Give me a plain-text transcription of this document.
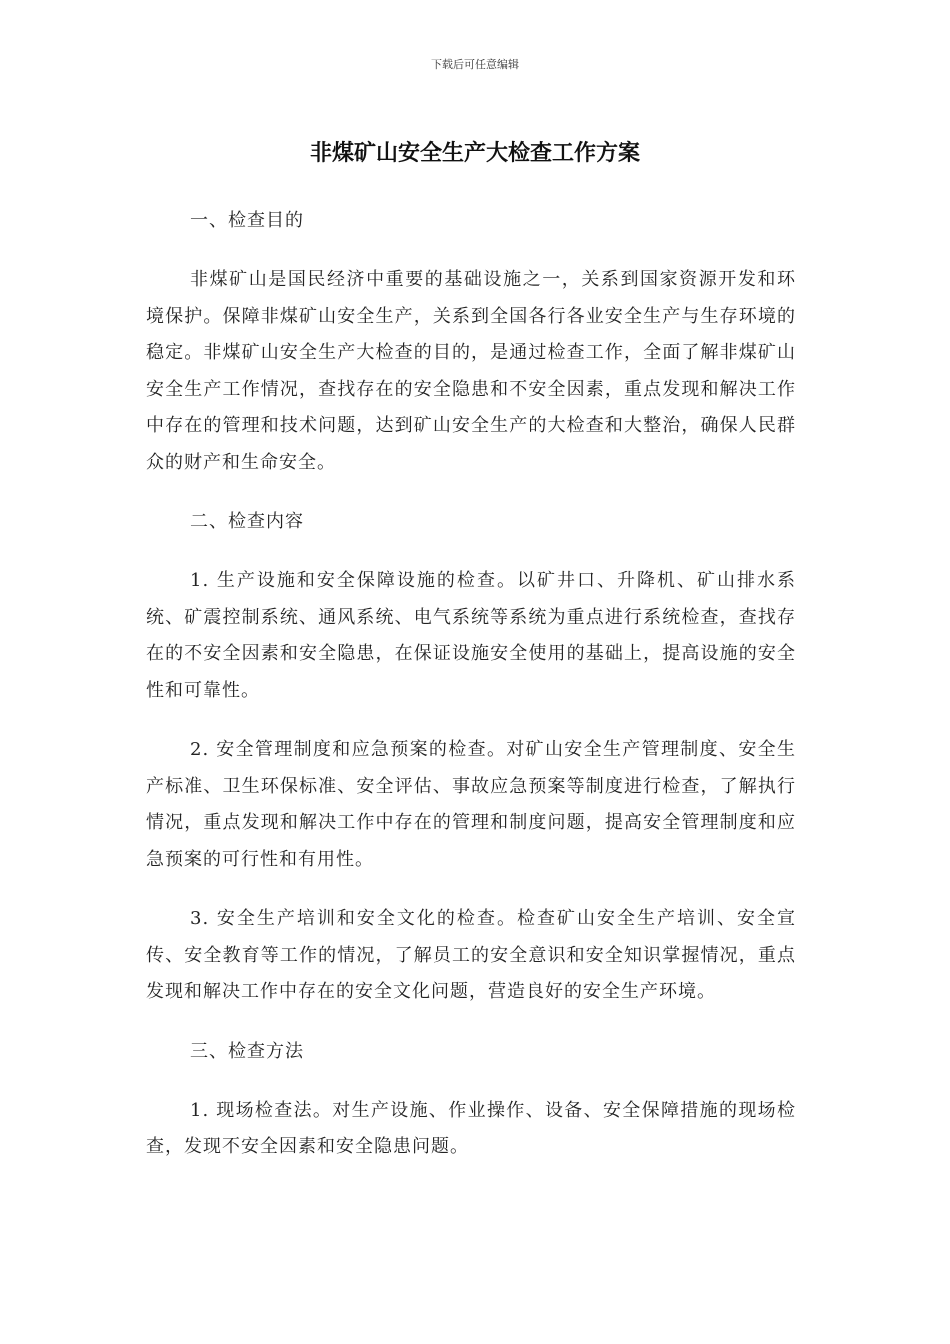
下载后可任意编辑
非煤矿山安全生产大检查工作方案
一、检查目的

非煤矿山是国民经济中重要的基础设施之一，关系到国家资源开发和环境保护。保障非煤矿山安全生产，关系到全国各行各业安全生产与生存环境的稳定。非煤矿山安全生产大检查的目的，是通过检查工作，全面了解非煤矿山安全生产工作情况，查找存在的安全隐患和不安全因素，重点发现和解决工作中存在的管理和技术问题，达到矿山安全生产的大检查和大整治，确保人民群众的财产和生命安全。

二、检查内容

1. 生产设施和安全保障设施的检查。以矿井口、升降机、矿山排水系统、矿震控制系统、通风系统、电气系统等系统为重点进行系统检查，查找存在的不安全因素和安全隐患，在保证设施安全使用的基础上，提高设施的安全性和可靠性。

2. 安全管理制度和应急预案的检查。对矿山安全生产管理制度、安全生产标准、卫生环保标准、安全评估、事故应急预案等制度进行检查，了解执行情况，重点发现和解决工作中存在的管理和制度问题，提高安全管理制度和应急预案的可行性和有用性。

3. 安全生产培训和安全文化的检查。检查矿山安全生产培训、安全宣传、安全教育等工作的情况，了解员工的安全意识和安全知识掌握情况，重点发现和解决工作中存在的安全文化问题，营造良好的安全生产环境。

三、检查方法

1. 现场检查法。对生产设施、作业操作、设备、安全保障措施的现场检查，发现不安全因素和安全隐患问题。
